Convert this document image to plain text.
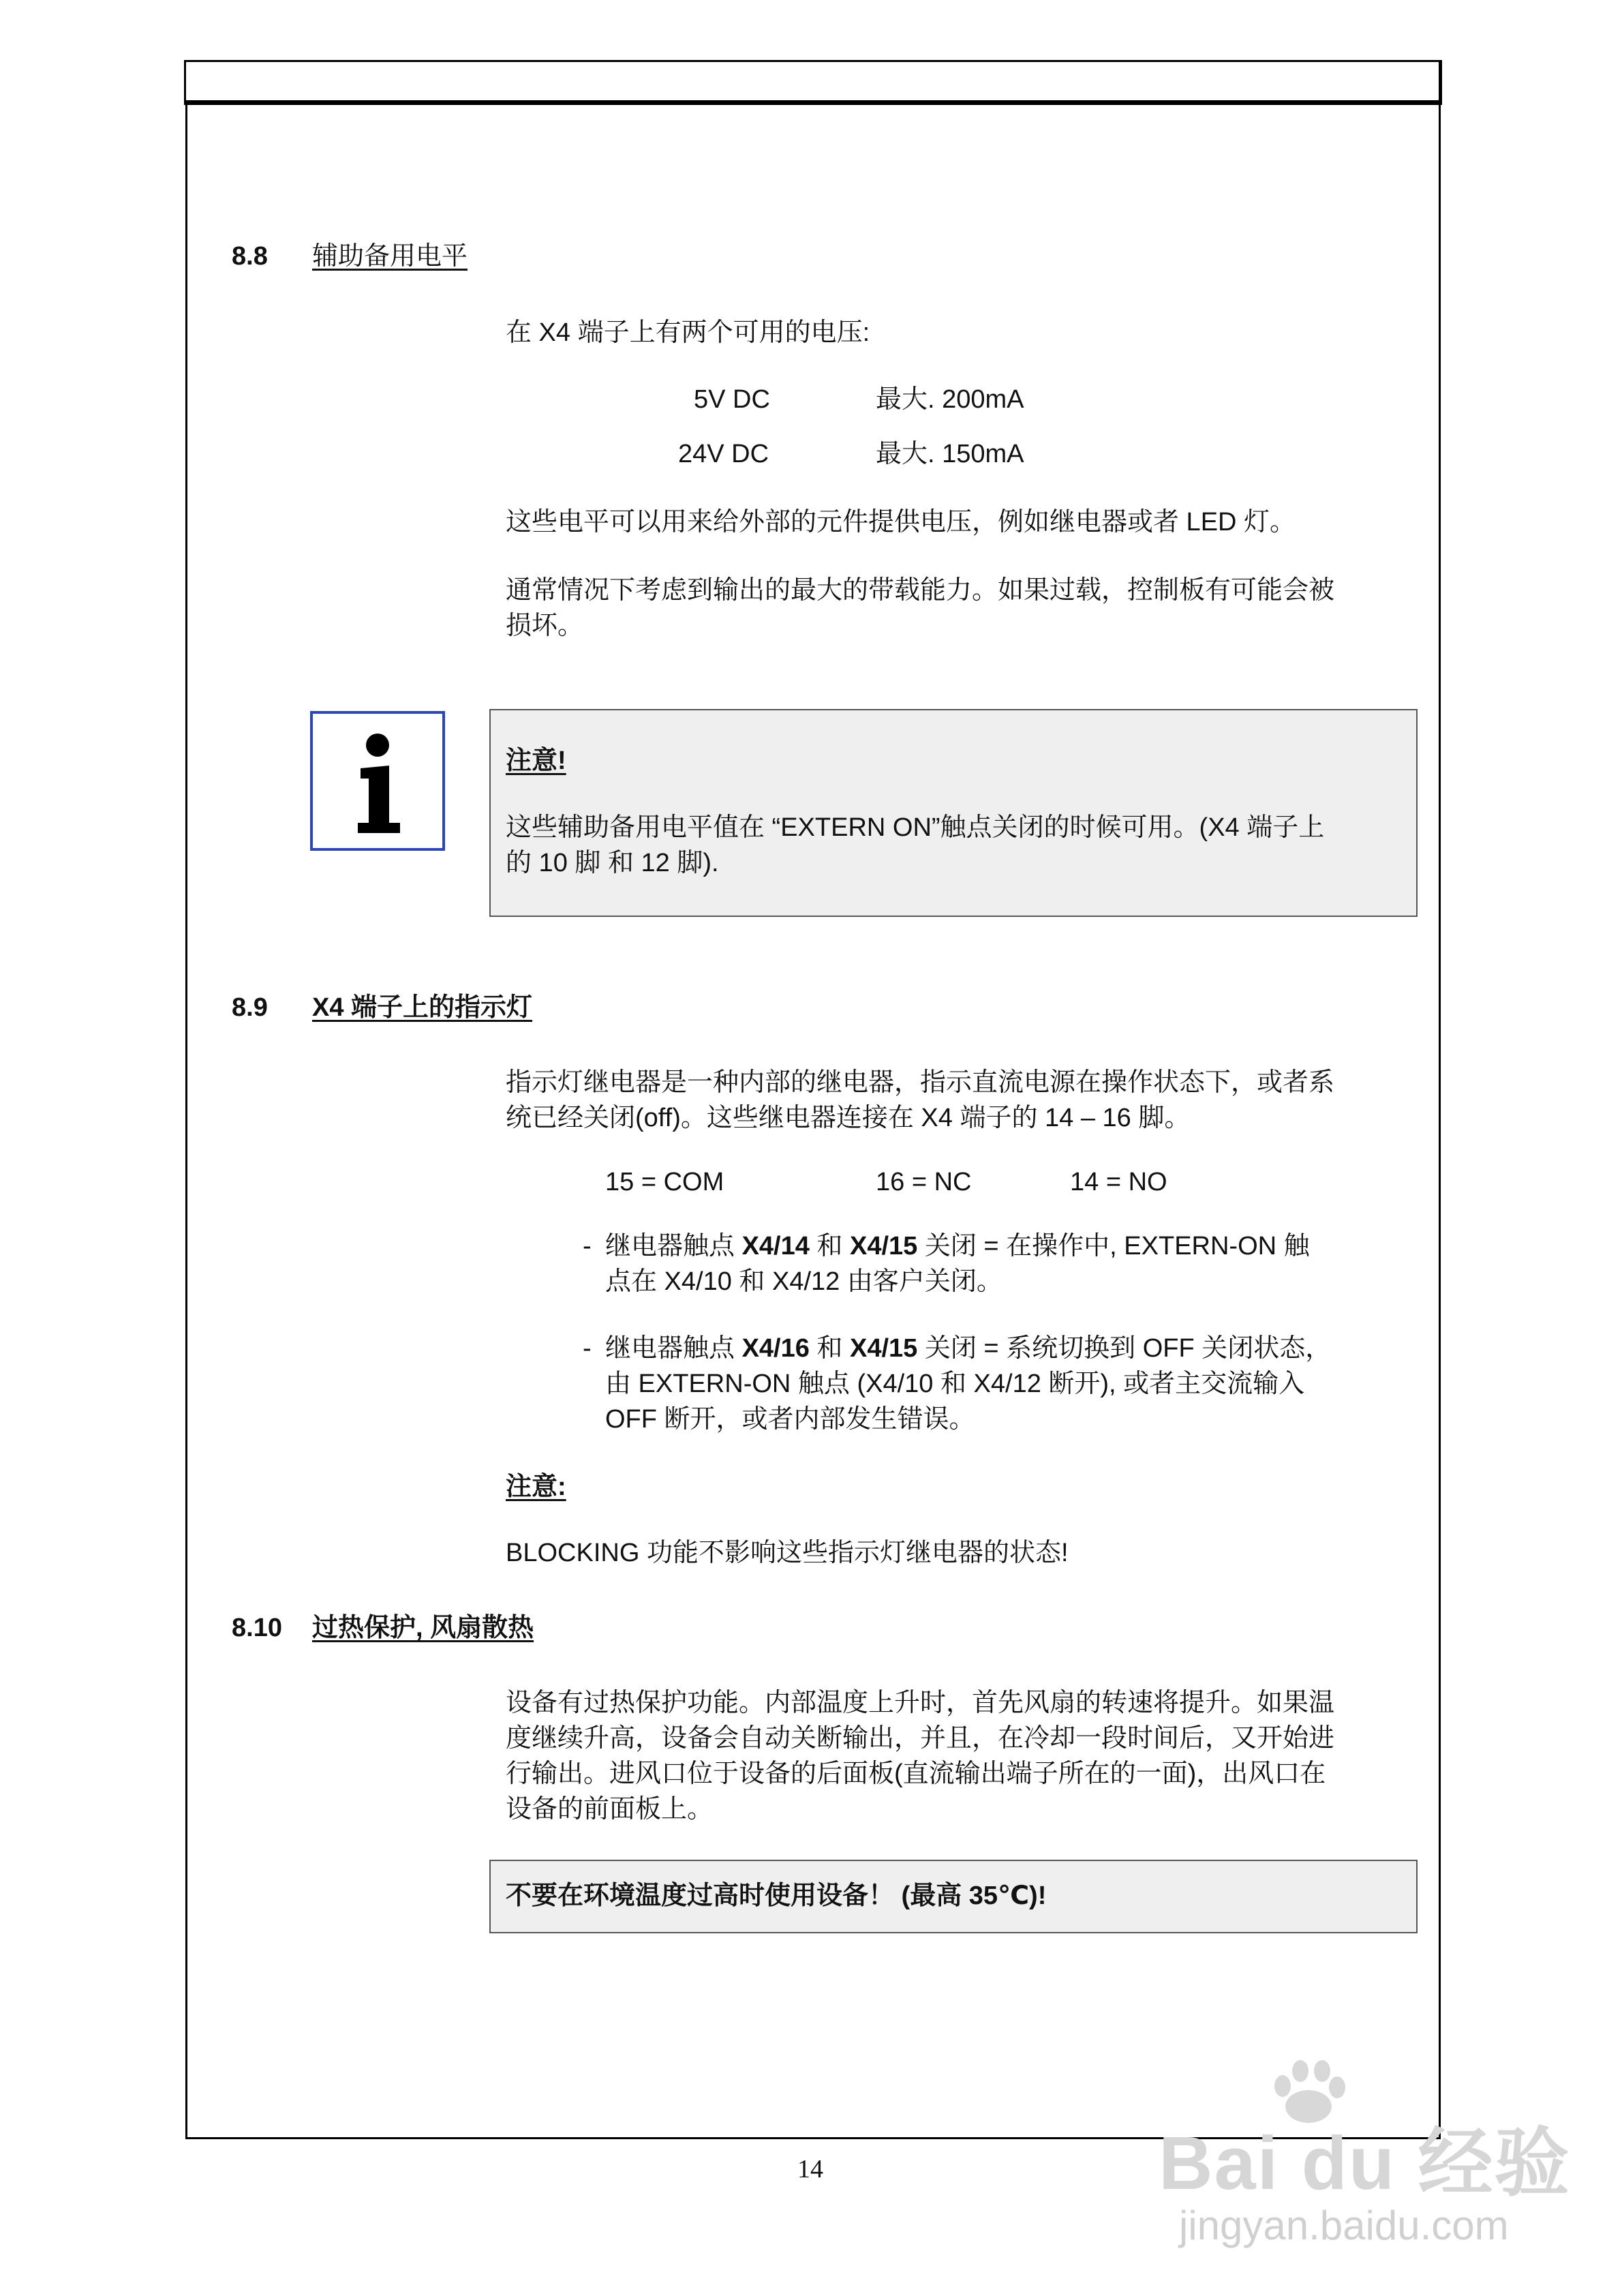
8.8 辅助备用电平
在 X4 端子上有两个可用的电压:
5V DC	最大. 200mA
24V DC	最大. 150mA
这些电平可以用来给外部的元件提供电压，例如继电器或者 LED 灯。
通常情况下考虑到输出的最大的带载能力。如果过载，控制板有可能会被
损坏。
注意!
这些辅助备用电平值在 “EXTERN ON”触点关闭的时候可用。(X4 端子上
的 10 脚 和 12 脚).
8.9 X4 端子上的指示灯
指示灯继电器是一种内部的继电器，指示直流电源在操作状态下，或者系
统已经关闭(off)。这些继电器连接在 X4 端子的 14 – 16 脚。
15 = COM	16 = NC	14 = NO
- 继电器触点 X4/14 和 X4/15 关闭 = 在操作中, EXTERN-ON 触
点在 X4/10 和 X4/12 由客户关闭。
- 继电器触点 X4/16 和 X4/15 关闭 = 系统切换到 OFF 关闭状态，
由 EXTERN-ON 触点 (X4/10 和 X4/12 断开), 或者主交流输入
OFF 断开，或者内部发生错误。
注意:
BLOCKING 功能不影响这些指示灯继电器的状态!
8.10 过热保护, 风扇散热
设备有过热保护功能。内部温度上升时，首先风扇的转速将提升。如果温
度继续升高，设备会自动关断输出，并且，在冷却一段时间后，又开始进
行输出。进风口位于设备的后面板(直流输出端子所在的一面)，出风口在
设备的前面板上。
不要在环境温度过高时使用设备！ (最高 35℃)!
14	Bai du 经验
jingyan.baidu.com
